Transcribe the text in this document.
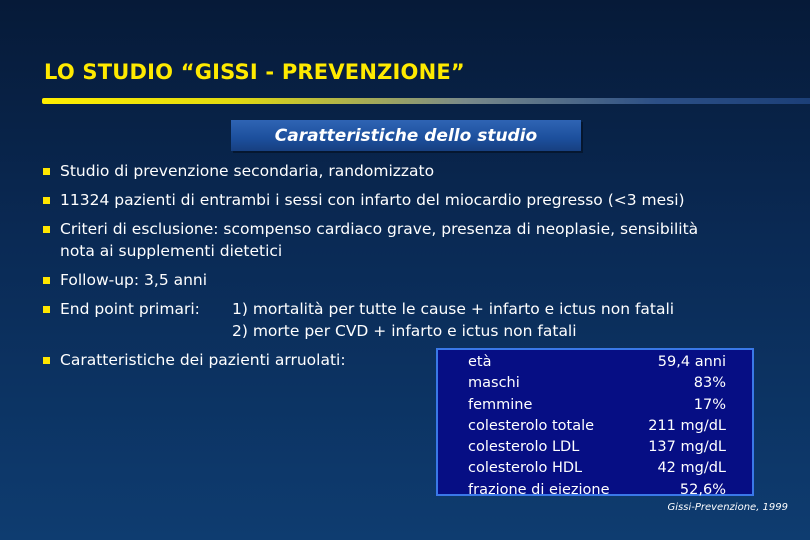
LO STUDIO “GISSI - PREVENZIONE”
Caratteristiche dello studio
Studio di prevenzione secondaria, randomizzato
11324 pazienti di entrambi i sessi con infarto del miocardio pregresso (<3 mesi)
Criteri di esclusione: scompenso cardiaco grave, presenza di neoplasie, sensibilità
nota ai supplementi dietetici
Follow-up: 3,5 anni
End point primari:	1) mortalità per tutte le cause + infarto e ictus non fatali
2) morte per CVD + infarto e ictus non fatali
Caratteristiche dei pazienti arruolati:	età	59,4 anni
maschi	83%
femmine	17%
colesterolo totale	211 mg/dL
colesterolo LDL	137 mg/dL
colesterolo HDL	42 mg/dL
frazione di eiezione	52,6%
Gissi-Prevenzione, 1999
